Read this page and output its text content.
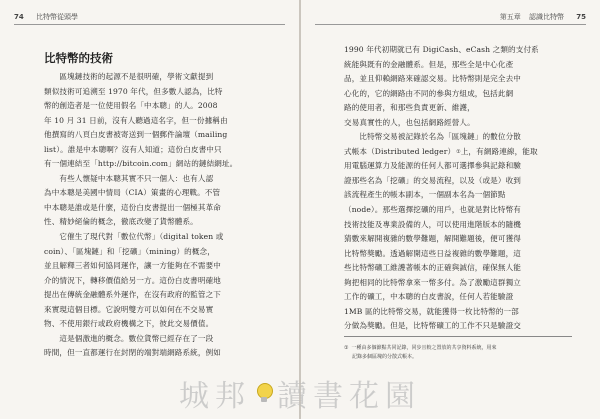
74 比特幣從頭學
比特幣的技術
　　區塊鏈技術的起源不是很明確，學術文獻提到
類似技術可追溯至 1970 年代，但多數人認為，比特
幣的創造者是一位使用假名「中本聰」的人。2008
年 10 月 31 日前，沒有人聽過這名字，但一份據稱由
他撰寫的八頁白皮書被寄送到一個郵件論壇（mailing
list）。誰是中本聰啊？沒有人知道；這份白皮書中只
有一個連結至「http://bitcoin.com」網站的鏈結網址。
　　有些人懷疑中本聰其實不只一個人：也有人認
為中本聰是美國中情局（CIA）策畫的心理戰。不管
中本聰是誰或是什麼，這份白皮書提出一個極其革命
性、精妙絕倫的概念，徹底改變了貨幣體系。
　　它催生了現代對「數位代幣」（digital token 或
coin）、「區塊鏈」和「挖礦」（mining）的概念，
並且解釋三者如何協同運作，讓一方能夠在不需要中
介的情況下，轉移價值給另一方。這份白皮書明確地
提出在傳統金融體系外運作，在沒有政府的監管之下
來實現這個目標。它說明雙方可以如何在不交易實
物、不使用銀行或政府機構之下，彼此交易價值。
　　這是個激進的概念。數位貨幣已經存在了一段
時間，但一直都運行在封閉的端對端網路系統，例如
第五章 認識比特幣 75
1990 年代初期就已有 DigiCash、eCash 之類的支付系
統能與既有的金融體系。但是，那些全是中心化產
品，並且仰賴網路來確認交易。比特幣則是完全去中
心化的，它的網路由不同的參與方組成，包括此網
路的使用者，和那些負責更新、維護，
交易真實性的人，也包括網路經營人。
　　比特幣交易被記錄於名為「區塊鏈」的數位分散
式帳本（Distributed ledger）①上，有網路連線，能取
用電腦運算力及能源的任何人都可選擇參與記錄和驗
證那些名為「挖礦」的交易流程，以及（或是）收到
該流程產生的帳本副本，一個副本名為一個節點
（node）。那些選擇挖礦的用戶，也就是對比特幣有
技術技能及專業設備的人，可以使用進階版本的隨機
猜數來解開複雜的數學難題，解開難題後，便可獲得
比特幣獎勵。透過解開這些日益複雜的數學難題，這
些比特幣礦工維護著帳本的正確與誠信，確保無人能
夠把相同的比特幣拿來一幣多付。為了激勵這群獨立
工作的礦工，中本聰的白皮書說，任何人若能驗證
1MB 區的比特幣交易，就能獲得一枚比特幣的一部
分做為獎勵。但是，比特幣礦工的工作不只是驗證交
① 一種由多個節點共同記錄，同步且較之置放的共享資料系統，用來
記錄多個區塊的分散式帳本。
城邦 讀書花園
